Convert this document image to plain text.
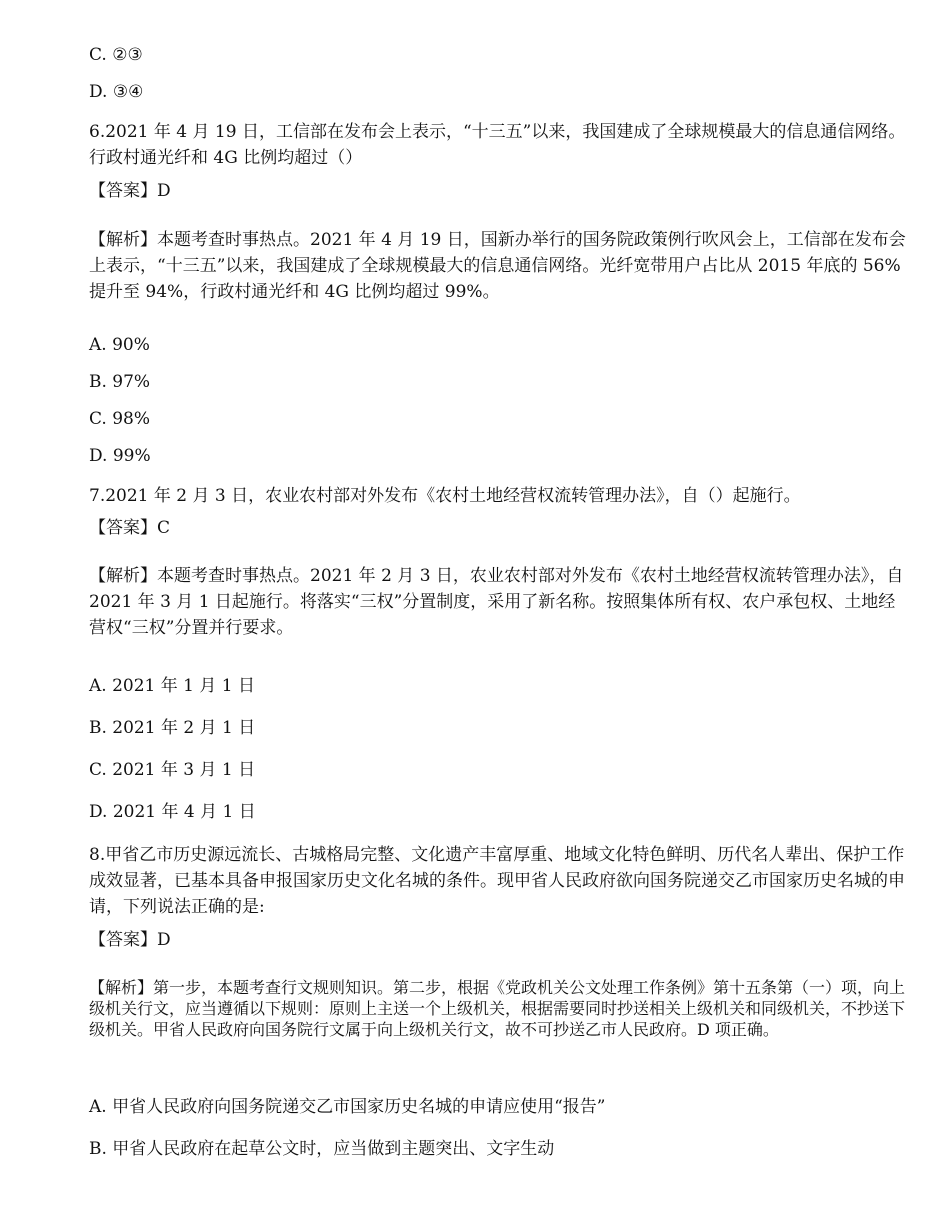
C. ②③
D. ③④
6.2021 年 4 月 19 日，工信部在发布会上表示，“十三五”以来，我国建成了全球规模最大的信息通信网络。行政村通光纤和 4G 比例均超过（）
【答案】D
【解析】本题考查时事热点。2021 年 4 月 19 日，国新办举行的国务院政策例行吹风会上，工信部在发布会上表示，“十三五”以来，我国建成了全球规模最大的信息通信网络。光纤宽带用户占比从 2015 年底的 56%提升至 94%，行政村通光纤和 4G 比例均超过 99%。
A. 90%
B. 97%
C. 98%
D. 99%
7.2021 年 2 月 3 日，农业农村部对外发布《农村土地经营权流转管理办法》，自（）起施行。
【答案】C
【解析】本题考查时事热点。2021 年 2 月 3 日，农业农村部对外发布《农村土地经营权流转管理办法》，自 2021 年 3 月 1 日起施行。将落实“三权”分置制度，采用了新名称。按照集体所有权、农户承包权、土地经营权“三权”分置并行要求。
A. 2021 年 1 月 1 日
B. 2021 年 2 月 1 日
C. 2021 年 3 月 1 日
D. 2021 年 4 月 1 日
8.甲省乙市历史源远流长、古城格局完整、文化遗产丰富厚重、地域文化特色鲜明、历代名人辈出、保护工作成效显著，已基本具备申报国家历史文化名城的条件。现甲省人民政府欲向国务院递交乙市国家历史名城的申请，下列说法正确的是:
【答案】D
【解析】第一步，本题考查行文规则知识。第二步，根据《党政机关公文处理工作条例》第十五条第（一）项，向上级机关行文，应当遵循以下规则：原则上主送一个上级机关，根据需要同时抄送相关上级机关和同级机关，不抄送下级机关。甲省人民政府向国务院行文属于向上级机关行文，故不可抄送乙市人民政府。D 项正确。
A. 甲省人民政府向国务院递交乙市国家历史名城的申请应使用“报告”
B. 甲省人民政府在起草公文时，应当做到主题突出、文字生动
